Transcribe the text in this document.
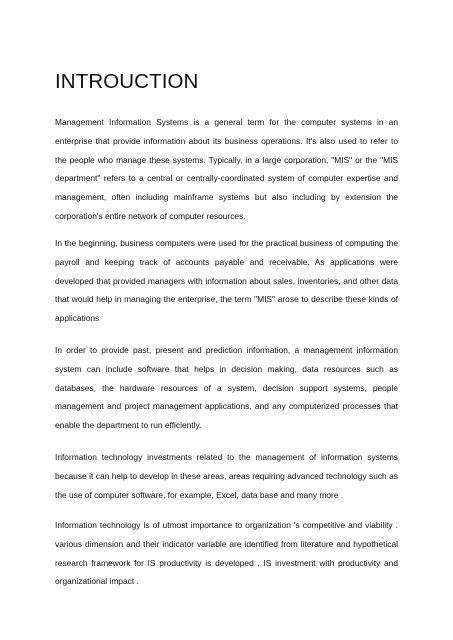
INTROUCTION

Management Information Systems is a general term for the computer systems in an enterprise that provide information about its business operations. It's also used to refer to the people who manage these systems. Typically, in a large corporation, "MIS" or the "MIS department" refers to a central or centrally-coordinated system of computer expertise and management, often including mainframe systems but also including by extension the corporation's entire network of computer resources.

In the beginning, business computers were used for the practical business of computing the payroll and keeping track of accounts payable and receivable. As applications were developed that provided managers with information about sales, inventories, and other data that would help in managing the enterprise, the term "MIS" arose to describe these kinds of applications

In order to provide past, present and prediction information, a management information system can include software that helps in decision making, data resources such as databases, the hardware resources of a system, decision support systems, people management and project management applications, and any computerized processes that enable the department to run efficiently.

Information technology investments related to the management of information systems because it can help to develop in these areas, areas requiring advanced technology such as the use of computer software, for example, Excel, data base and many more .

Information technology is of utmost importance to organization 's competitive and viability . various dimension and their indicator variable are identified from literature and hypothetical research framework for IS productivity is developed . IS investment with productivity and organizational impact .
